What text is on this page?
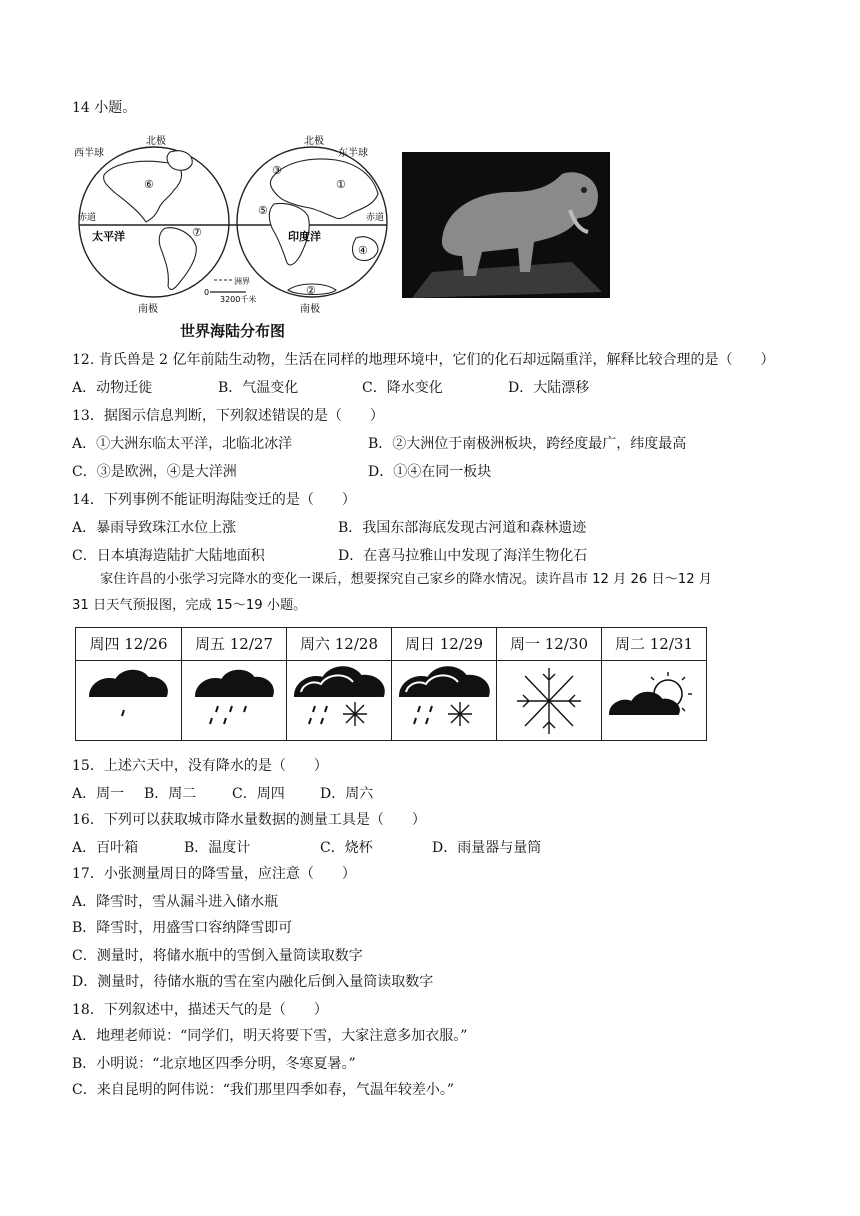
14 小题。
北极	北极
西半球	东半球
赤道	赤道
太平洋	印度洋
南极	南极
洲界
0
3200千米
①
②
③
④
⑤
⑥
⑦
世界海陆分布图
12. 肯氏兽是 2 亿年前陆生动物，生活在同样的地理环境中，它们的化石却远隔重洋，解释比较合理的是（　　）
A．动物迁徙	B．气温变化	C．降水变化	D．大陆漂移
13．据图示信息判断，下列叙述错误的是（　　）
A．①大洲东临太平洋，北临北冰洋	B．②大洲位于南极洲板块，跨经度最广，纬度最高
C．③是欧洲，④是大洋洲	D．①④在同一板块
14．下列事例不能证明海陆变迁的是（　　）
A．暴雨导致珠江水位上涨	B．我国东部海底发现古河道和森林遗迹
C．日本填海造陆扩大陆地面积	D．在喜马拉雅山中发现了海洋生物化石
家住许昌的小张学习完降水的变化一课后，想要探究自己家乡的降水情况。读许昌市 12 月 26 日～12 月
31 日天气预报图，完成 15～19 小题。
周四 12/26	周五 12/27	周六 12/28	周日 12/29	周一 12/30	周二 12/31
15．上述六天中，没有降水的是（　　）
A．周一 B．周二	C．周四	D．周六
16．下列可以获取城市降水量数据的测量工具是（　　）
A．百叶箱	B．温度计	C．烧杯	D．雨量器与量筒
17．小张测量周日的降雪量，应注意（　　）
A．降雪时，雪从漏斗进入储水瓶
B．降雪时，用盛雪口容纳降雪即可
C．测量时，将储水瓶中的雪倒入量筒读取数字
D．测量时，待储水瓶的雪在室内融化后倒入量筒读取数字
18．下列叙述中，描述天气的是（　　）
A．地理老师说：“同学们，明天将要下雪，大家注意多加衣服。”
B．小明说：“北京地区四季分明，冬寒夏暑。”
C．来自昆明的阿伟说：“我们那里四季如春，气温年较差小。”
